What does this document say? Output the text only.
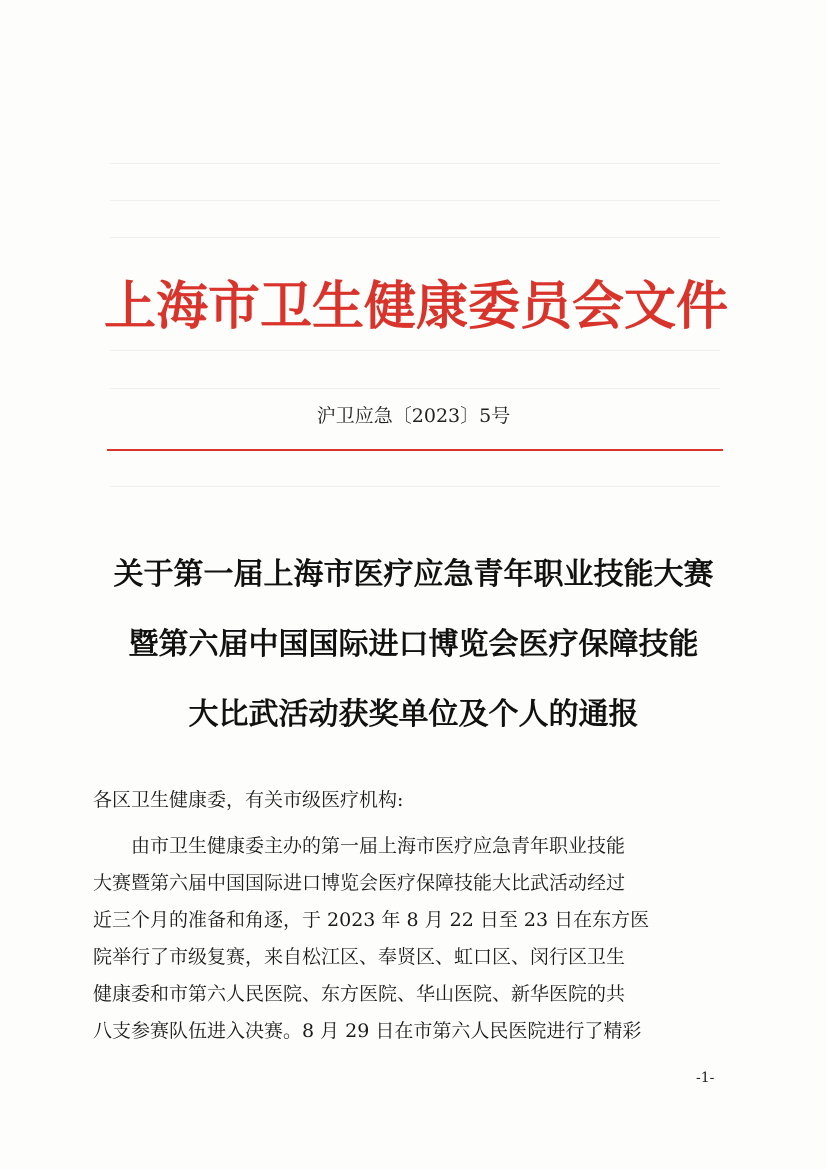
上海市卫生健康委员会文件
沪卫应急〔2023〕5号
关于第一届上海市医疗应急青年职业技能大赛
暨第六届中国国际进口博览会医疗保障技能
大比武活动获奖单位及个人的通报
各区卫生健康委，有关市级医疗机构:
由市卫生健康委主办的第一届上海市医疗应急青年职业技能
大赛暨第六届中国国际进口博览会医疗保障技能大比武活动经过
近三个月的准备和角逐，于 2023 年 8 月 22 日至 23 日在东方医
院举行了市级复赛，来自松江区、奉贤区、虹口区、闵行区卫生
健康委和市第六人民医院、东方医院、华山医院、新华医院的共
八支参赛队伍进入决赛。8 月 29 日在市第六人民医院进行了精彩
-1-
